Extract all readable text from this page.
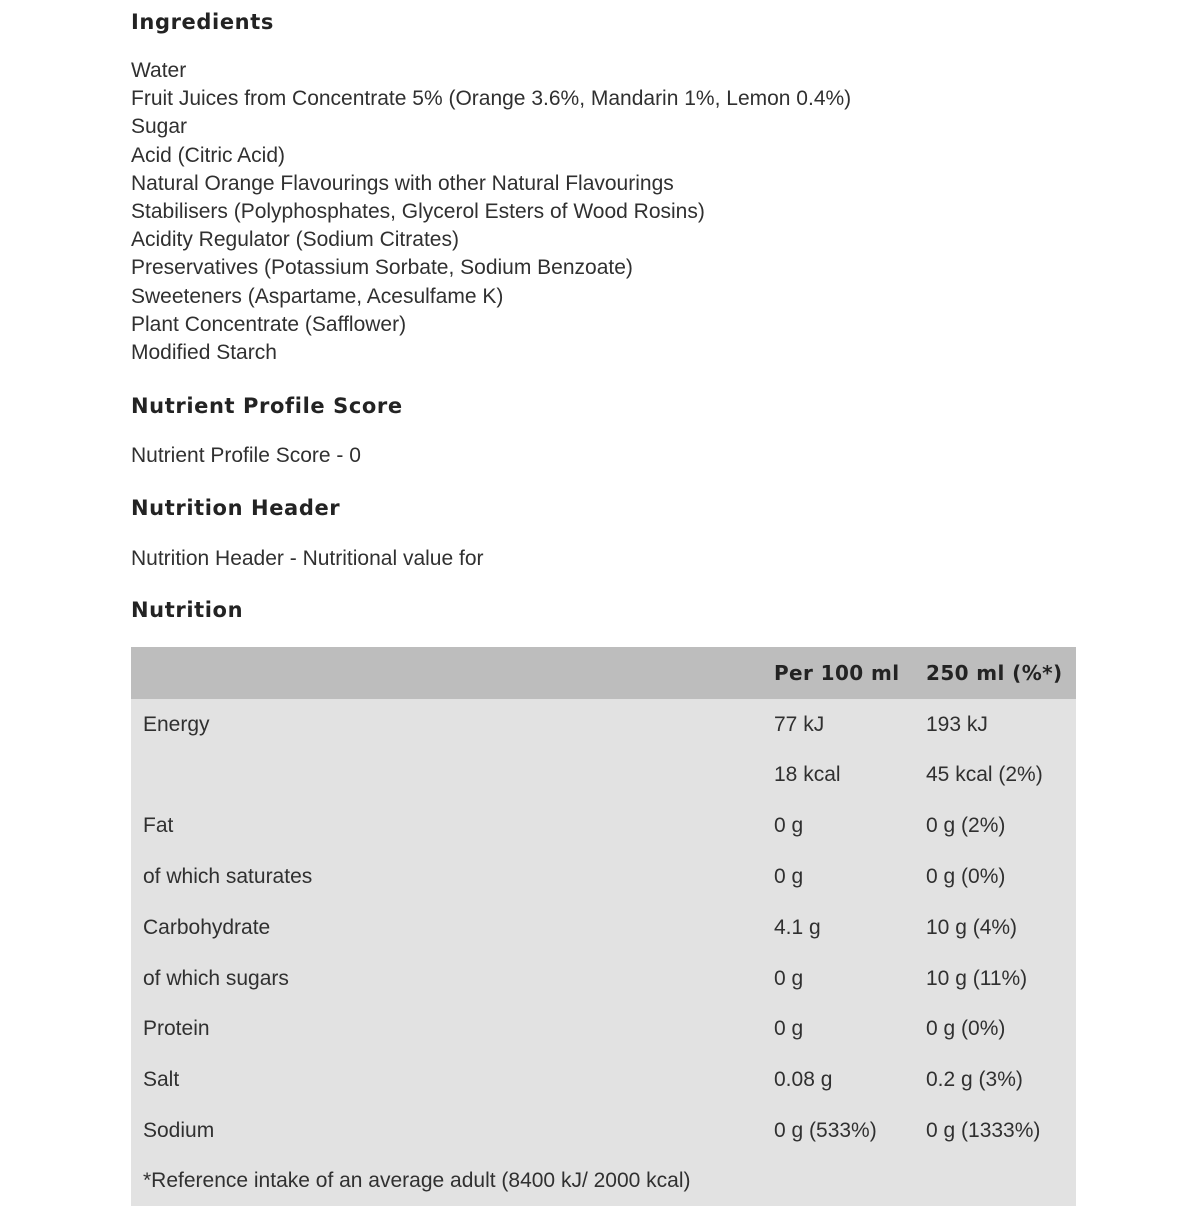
Ingredients
Water
Fruit Juices from Concentrate 5% (Orange 3.6%, Mandarin 1%, Lemon 0.4%)
Sugar
Acid (Citric Acid)
Natural Orange Flavourings with other Natural Flavourings
Stabilisers (Polyphosphates, Glycerol Esters of Wood Rosins)
Acidity Regulator (Sodium Citrates)
Preservatives (Potassium Sorbate, Sodium Benzoate)
Sweeteners (Aspartame, Acesulfame K)
Plant Concentrate (Safflower)
Modified Starch
Nutrient Profile Score

Nutrient Profile Score - 0

Nutrition Header

Nutrition Header - Nutritional value for

Nutrition
	Per 100 ml	250 ml (%*)
Energy	77 kJ	193 kJ
	18 kcal	45 kcal (2%)
Fat	0 g	0 g (2%)
of which saturates	0 g	0 g (0%)
Carbohydrate	4.1 g	10 g (4%)
of which sugars	0 g	10 g (11%)
Protein	0 g	0 g (0%)
Salt	0.08 g	0.2 g (3%)
Sodium	0 g (533%)	0 g (1333%)
*Reference intake of an average adult (8400 kJ/ 2000 kcal)		
